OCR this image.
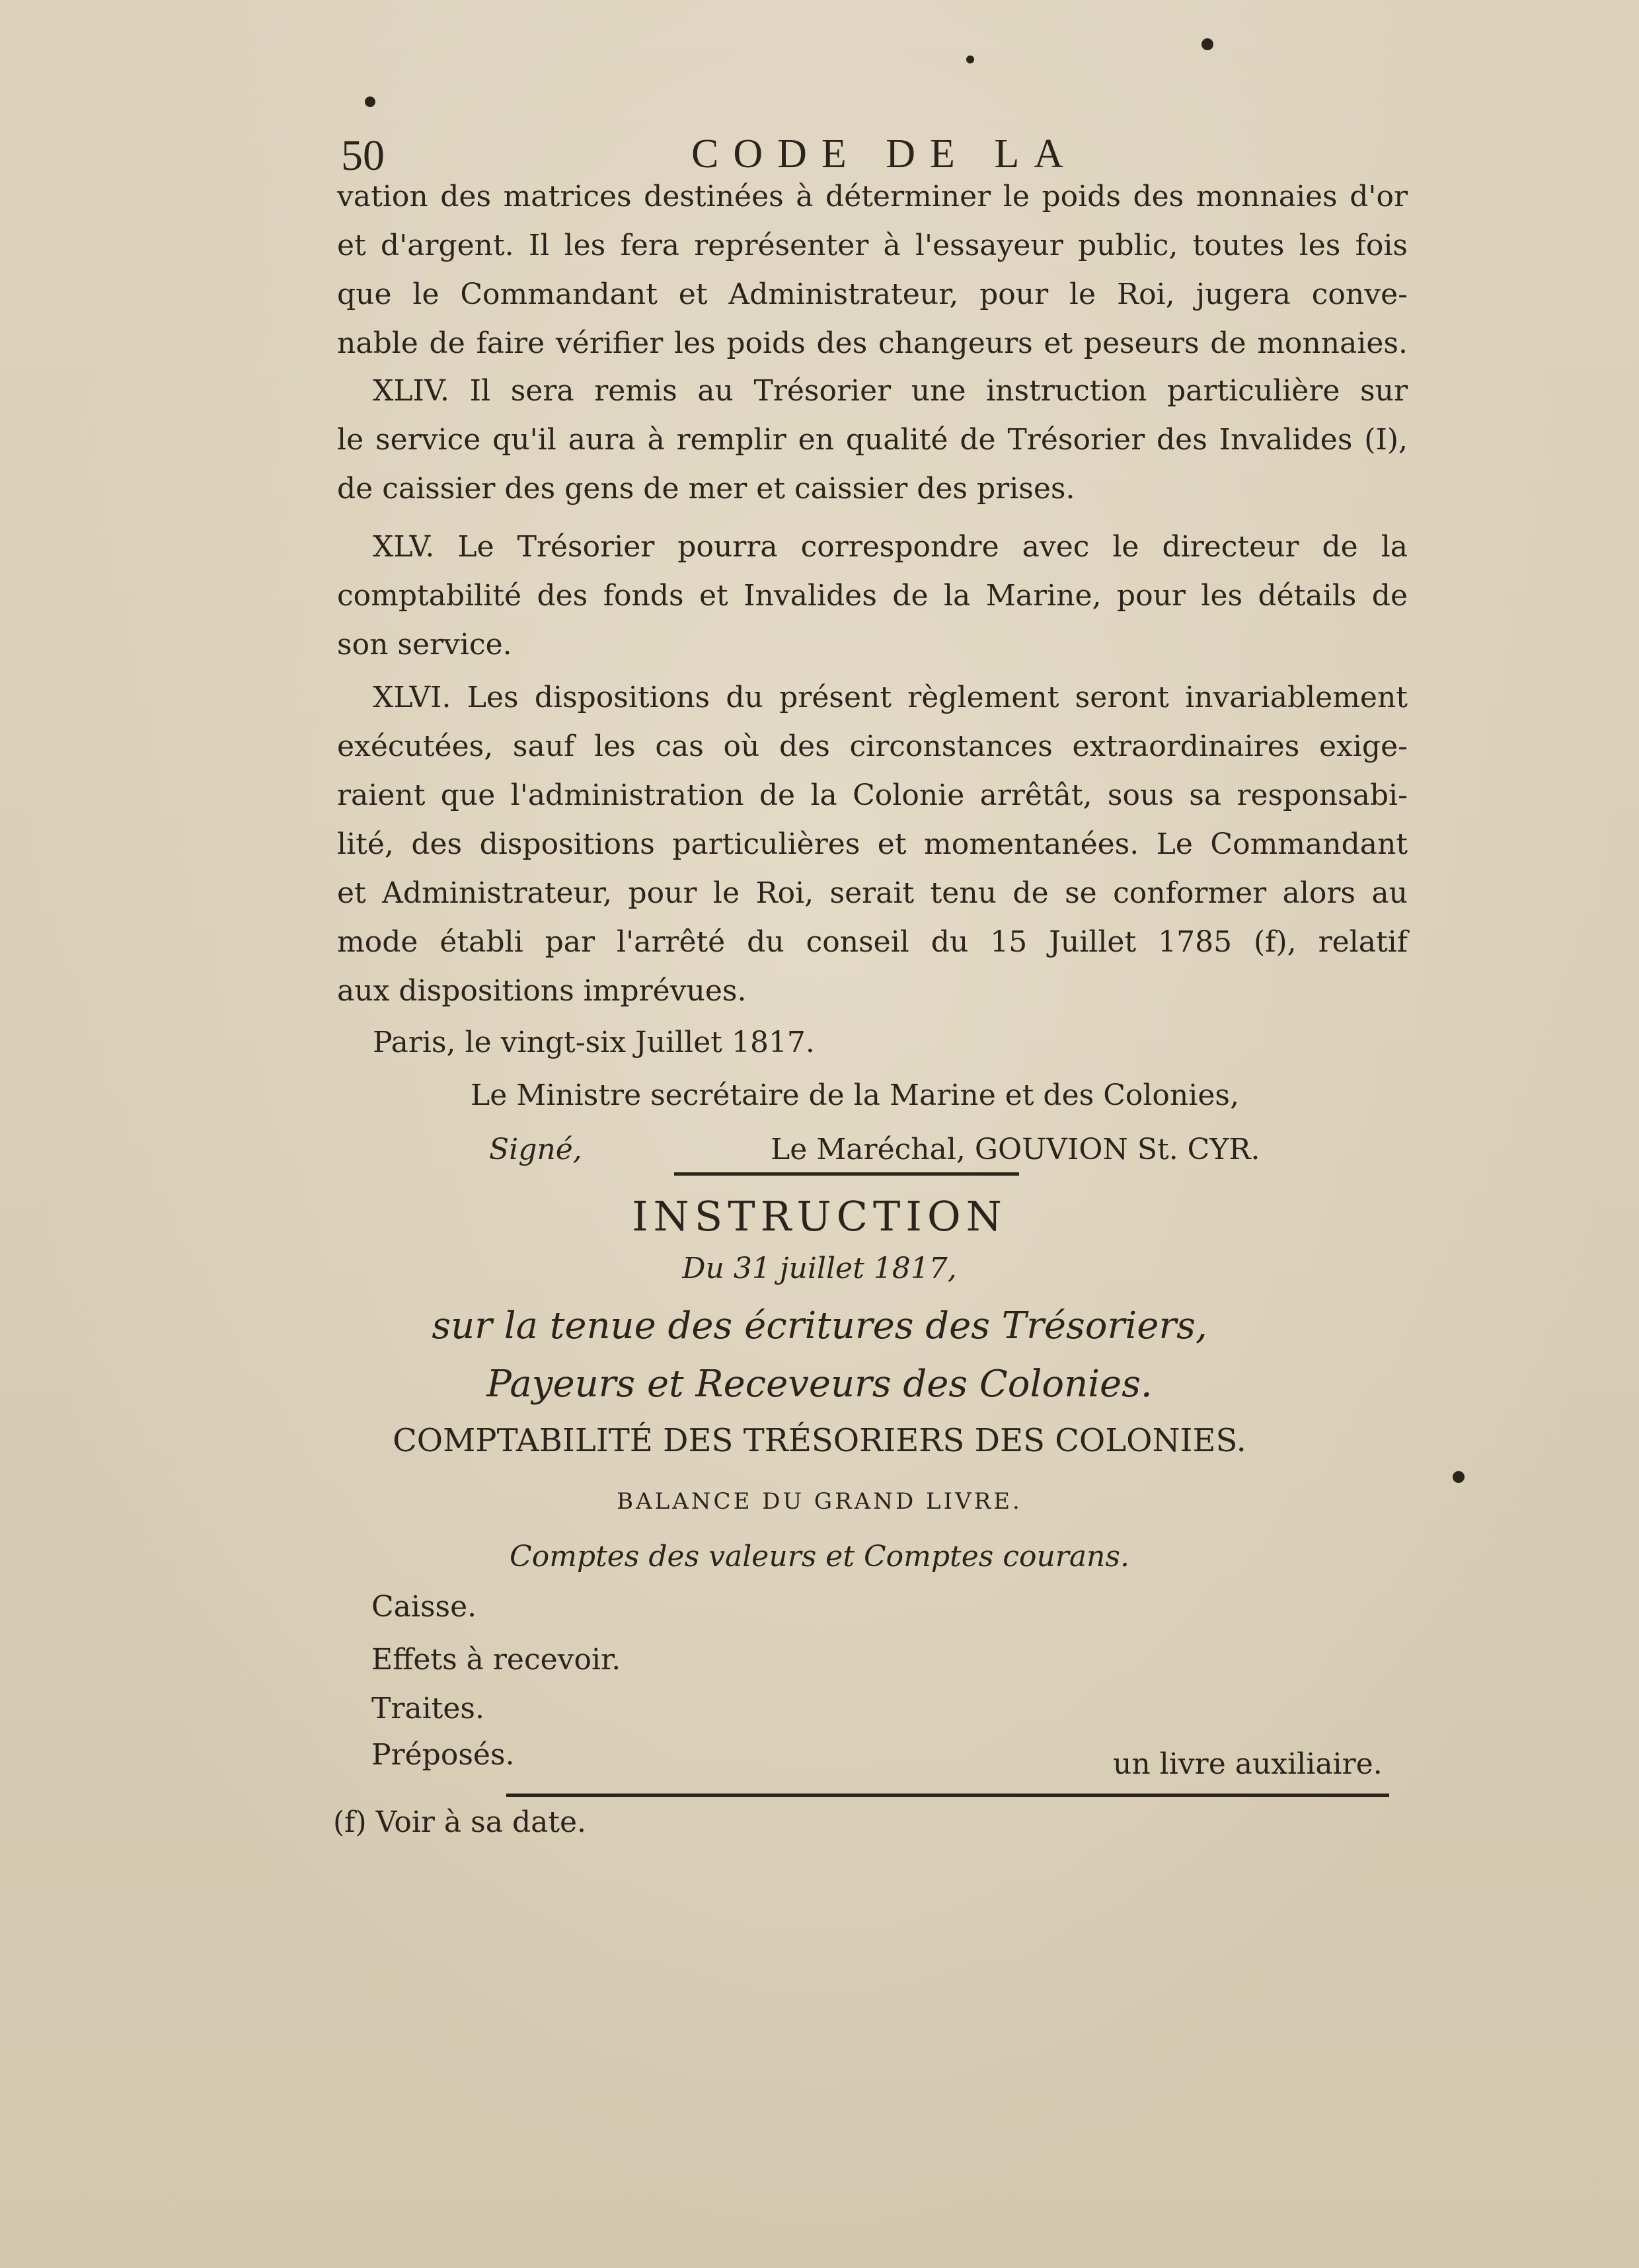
50	CODE DE LA
vation des matrices destinées à déterminer le poids des monnaies d'or
et d'argent. Il les fera représenter à l'essayeur public, toutes les fois
que le Commandant et Administrateur, pour le Roi, jugera conve-
nable de faire vérifier les poids des changeurs et peseurs de monnaies.
XLIV. Il sera remis au Trésorier une instruction particulière sur
le service qu'il aura à remplir en qualité de Trésorier des Invalides (I),
de caissier des gens de mer et caissier des prises.
XLV. Le Trésorier pourra correspondre avec le directeur de la
comptabilité des fonds et Invalides de la Marine, pour les détails de
son service.
XLVI. Les dispositions du présent règlement seront invariablement
exécutées, sauf les cas où des circonstances extraordinaires exige-
raient que l'administration de la Colonie arrêtât, sous sa responsabi-
lité, des dispositions particulières et momentanées. Le Commandant
et Administrateur, pour le Roi, serait tenu de se conformer alors au
mode établi par l'arrêté du conseil du 15 Juillet 1785 (f), relatif
aux dispositions imprévues.
Paris, le vingt-six Juillet 1817.
Le Ministre secrétaire de la Marine et des Colonies,
Signé,	Le Maréchal, GOUVION St. CYR.
INSTRUCTION
Du 31 juillet 1817,
sur la tenue des écritures des Trésoriers,
Payeurs et Receveurs des Colonies.
COMPTABILITÉ DES TRÉSORIERS DES COLONIES.
BALANCE DU GRAND LIVRE.
Comptes des valeurs et Comptes courans.
Caisse.
Effets à recevoir.
Traites.
Préposés.	un livre auxiliaire.
(f) Voir à sa date.
